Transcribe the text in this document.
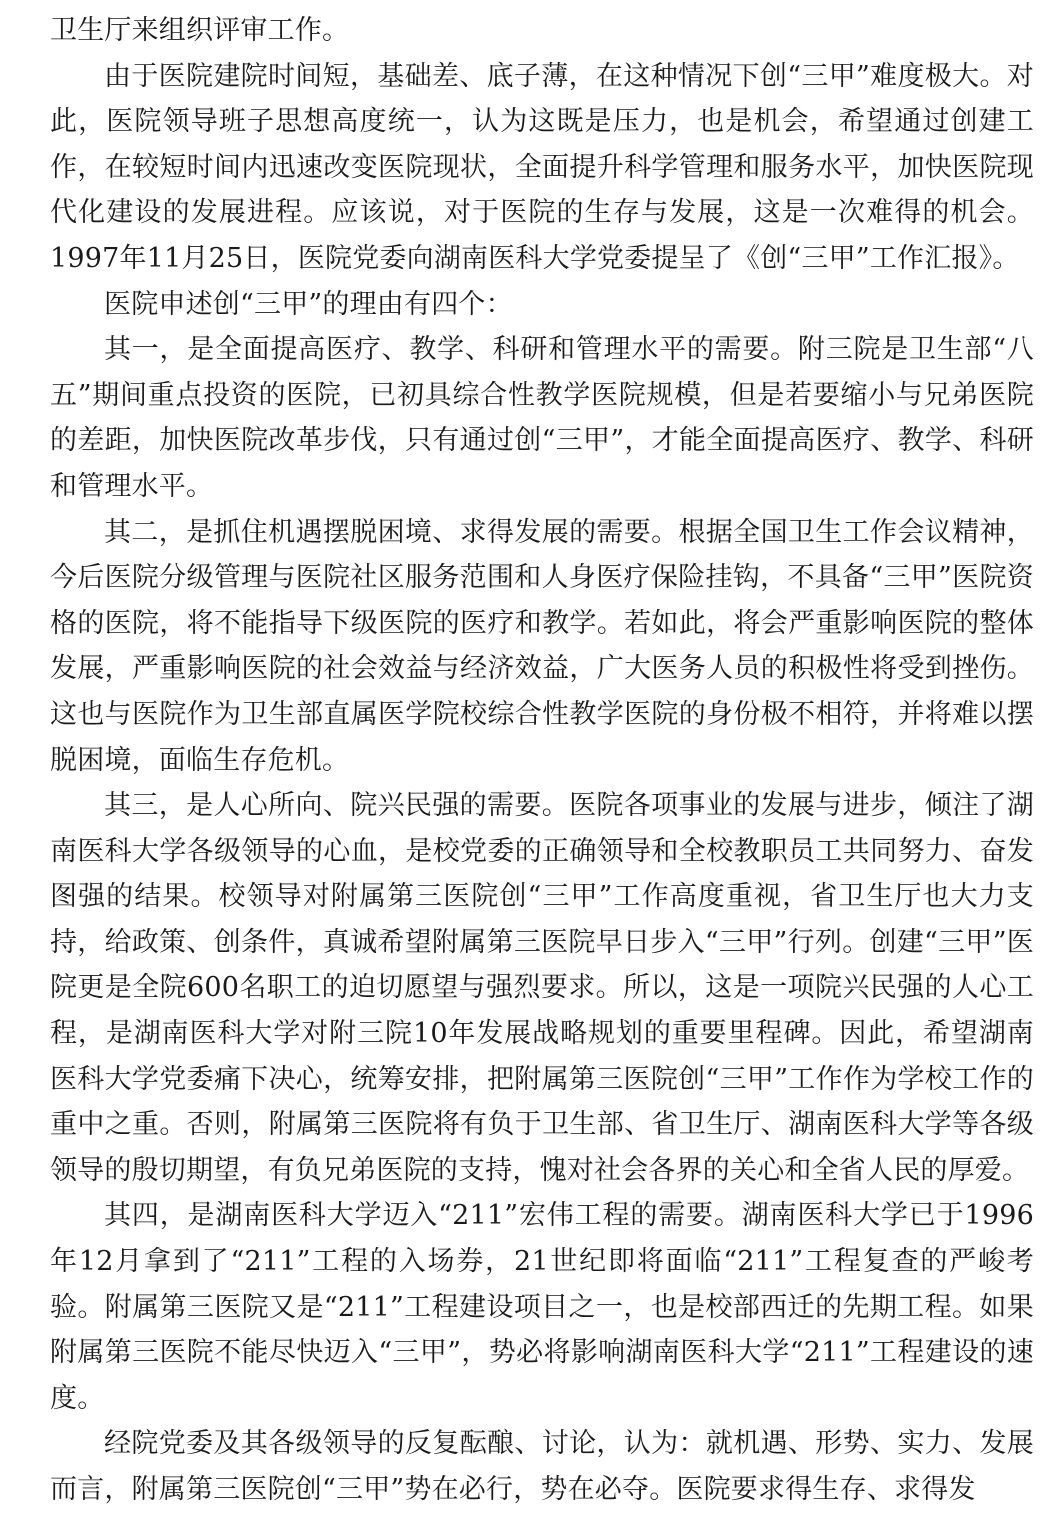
卫生厅来组织评审工作。

由于医院建院时间短，基础差、底子薄，在这种情况下创“三甲”难度极大。对此，医院领导班子思想高度统一，认为这既是压力，也是机会，希望通过创建工作，在较短时间内迅速改变医院现状，全面提升科学管理和服务水平，加快医院现代化建设的发展进程。应该说，对于医院的生存与发展，这是一次难得的机会。1997年11月25日，医院党委向湖南医科大学党委提呈了《创“三甲”工作汇报》。

医院申述创“三甲”的理由有四个：

其一，是全面提高医疗、教学、科研和管理水平的需要。附三院是卫生部“八五”期间重点投资的医院，已初具综合性教学医院规模，但是若要缩小与兄弟医院的差距，加快医院改革步伐，只有通过创“三甲”，才能全面提高医疗、教学、科研和管理水平。

其二，是抓住机遇摆脱困境、求得发展的需要。根据全国卫生工作会议精神，今后医院分级管理与医院社区服务范围和人身医疗保险挂钩，不具备“三甲”医院资格的医院，将不能指导下级医院的医疗和教学。若如此，将会严重影响医院的整体发展，严重影响医院的社会效益与经济效益，广大医务人员的积极性将受到挫伤。这也与医院作为卫生部直属医学院校综合性教学医院的身份极不相符，并将难以摆脱困境，面临生存危机。

其三，是人心所向、院兴民强的需要。医院各项事业的发展与进步，倾注了湖南医科大学各级领导的心血，是校党委的正确领导和全校教职员工共同努力、奋发图强的结果。校领导对附属第三医院创“三甲”工作高度重视，省卫生厅也大力支持，给政策、创条件，真诚希望附属第三医院早日步入“三甲”行列。创建“三甲”医院更是全院600名职工的迫切愿望与强烈要求。所以，这是一项院兴民强的人心工程，是湖南医科大学对附三院10年发展战略规划的重要里程碑。因此，希望湖南医科大学党委痛下决心，统筹安排，把附属第三医院创“三甲”工作作为学校工作的重中之重。否则，附属第三医院将有负于卫生部、省卫生厅、湖南医科大学等各级领导的殷切期望，有负兄弟医院的支持，愧对社会各界的关心和全省人民的厚爱。

其四，是湖南医科大学迈入“211”宏伟工程的需要。湖南医科大学已于1996年12月拿到了“211”工程的入场券，21世纪即将面临“211”工程复查的严峻考验。附属第三医院又是“211”工程建设项目之一，也是校部西迁的先期工程。如果附属第三医院不能尽快迈入“三甲”，势必将影响湖南医科大学“211”工程建设的速度。

经院党委及其各级领导的反复酝酿、讨论，认为：就机遇、形势、实力、发展而言，附属第三医院创“三甲”势在必行，势在必夺。医院要求得生存、求得发
